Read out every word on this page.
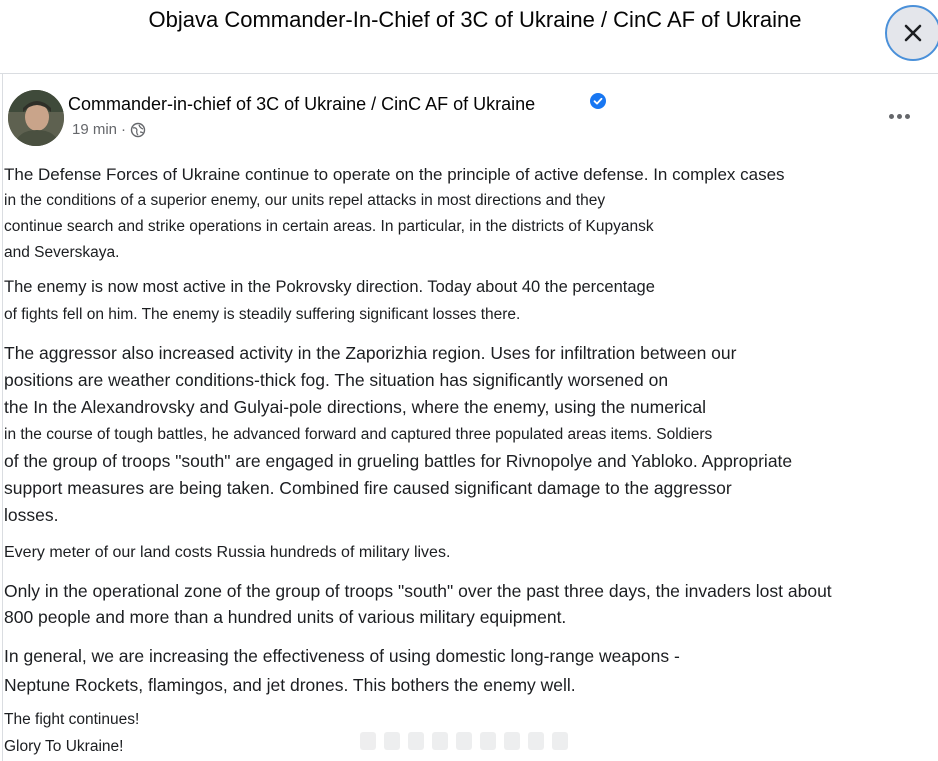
Objava Commander-In-Chief of 3C of Ukraine / CinC AF of Ukraine
Commander-in-chief of 3C of Ukraine / CinC AF of Ukraine
19 min ·
The Defense Forces of Ukraine continue to operate on the principle of active defense. In complex cases
in the conditions of a superior enemy, our units repel attacks in most directions and they
continue search and strike operations in certain areas. In particular, in the districts of Kupyansk
and Severskaya.
The enemy is now most active in the Pokrovsky direction. Today about 40 the percentage
of fights fell on him. The enemy is steadily suffering significant losses there.
The aggressor also increased activity in the Zaporizhia region. Uses for infiltration between our
positions are weather conditions-thick fog. The situation has significantly worsened on
the In the Alexandrovsky and Gulyai-pole directions, where the enemy, using the numerical
in the course of tough battles, he advanced forward and captured three populated areas items. Soldiers
of the group of troops "south" are engaged in grueling battles for Rivnopolye and Yabloko. Appropriate
support measures are being taken. Combined fire caused significant damage to the aggressor
losses.
Every meter of our land costs Russia hundreds of military lives.
Only in the operational zone of the group of troops "south" over the past three days, the invaders lost about
800 people and more than a hundred units of various military equipment.
In general, we are increasing the effectiveness of using domestic long-range weapons -
Neptune Rockets, flamingos, and jet drones. This bothers the enemy well.
The fight continues!
Glory To Ukraine!
